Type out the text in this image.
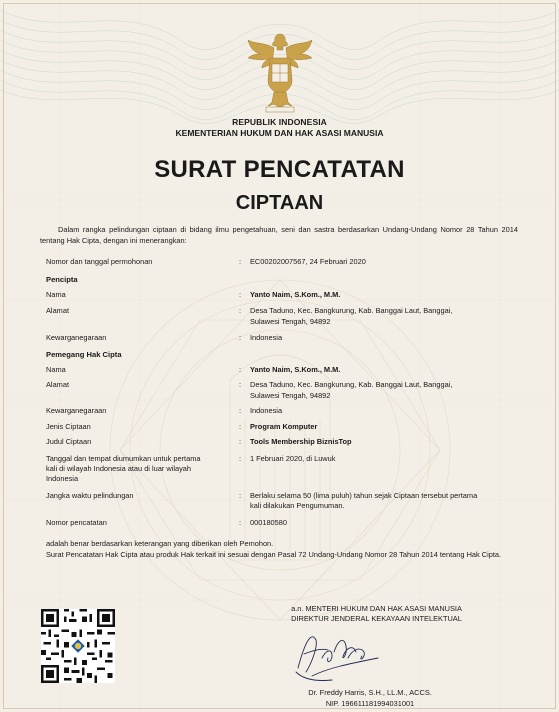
REPUBLIK INDONESIA
KEMENTERIAN HUKUM DAN HAK ASASI MANUSIA
SURAT PENCATATAN
CIPTAAN
Dalam rangka pelindungan ciptaan di bidang ilmu pengetahuan, seni dan sastra berdasarkan Undang-Undang Nomor 28 Tahun 2014 tentang Hak Cipta, dengan ini menerangkan:
Nomor dan tanggal permohonan	: EC00202007567, 24 Februari 2020
Pencipta
Nama	: Yanto Naim, S.Kom., M.M.
Alamat	: Desa Taduno, Kec. Bangkurung, Kab. Banggai Laut, Banggai,
Sulawesi Tengah, 94892
Kewarganegaraan	: Indonesia
Pemegang Hak Cipta
Nama	: Yanto Naim, S.Kom., M.M.
Alamat	: Desa Taduno, Kec. Bangkurung, Kab. Banggai Laut, Banggai,
Sulawesi Tengah, 94892
Kewarganegaraan	: Indonesia
Jenis Ciptaan	: Program Komputer
Judul Ciptaan	: Tools Membership BiznisTop
Tanggal dan tempat diumumkan untuk pertama
kali di wilayah Indonesia atau di luar wilayah
Indonesia
: 1 Februari 2020, di Luwuk
Jangka waktu pelindungan	: Berlaku selama 50 (lima puluh) tahun sejak Ciptaan tersebut pertama
kali dilakukan Pengumuman.
Nomor pencatatan	: 000180580
adalah benar berdasarkan keterangan yang diberikan oleh Pemohon.
Surat Pencatatan Hak Cipta atau produk Hak terkait ini sesuai dengan Pasal 72 Undang-Undang Nomor 28 Tahun 2014 tentang Hak Cipta.
a.n. MENTERI HUKUM DAN HAK ASASI MANUSIA
DIREKTUR JENDERAL KEKAYAAN INTELEKTUAL
Dr. Freddy Harris, S.H., LL.M., ACCS.
NIP. 196611181994031001
